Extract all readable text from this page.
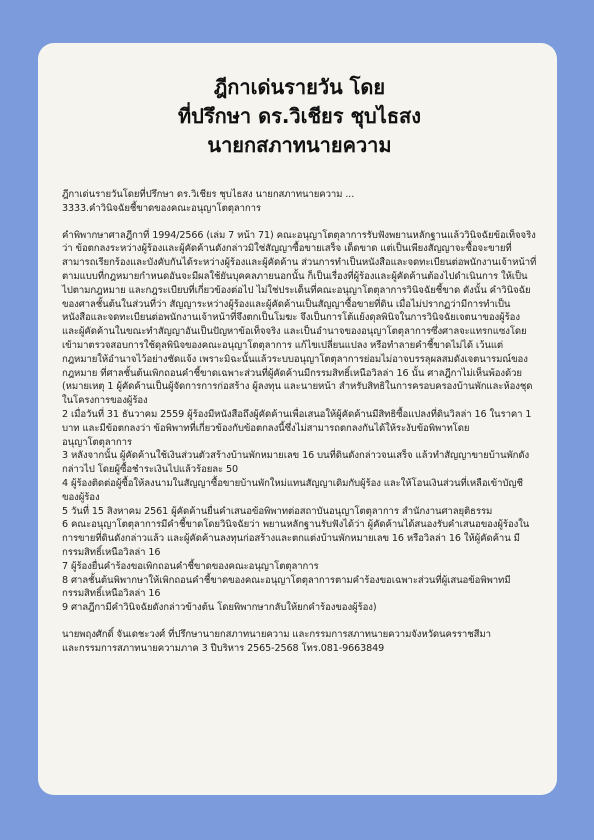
ฎีกาเด่นรายวัน โดย
ที่ปรึกษา ดร.วิเชียร ชุบไธสง
นายกสภาทนายความ

ฎีกาเด่นรายวันโดยที่ปรึกษา ดร.วิเชียร ชุบไธสง นายกสภาทนายความ ...

3333.คำวินิจฉัยชี้ขาดของคณะอนุญาโตตุลาการ

คำพิพากษาศาลฎีกาที่ 1994/2566 (เล่ม 7 หน้า 71) คณะอนุญาโตตุลาการรับฟังพยานหลักฐานแล้ววินิจฉัยข้อเท็จจริงว่า ข้อตกลงระหว่างผู้ร้องและผู้คัดค้านดังกล่าวมิใช่สัญญาซื้อขายเสร็จ เด็ดขาด แต่เป็นเพียงสัญญาจะซื้อจะขายที่สามารถเรียกร้องและบังคับกันได้ระหว่างผู้ร้องและผู้คัดค้าน ส่วนการทำเป็นหนังสือและจดทะเบียนต่อพนักงานเจ้าหน้าที่ตามแบบที่กฎหมายกำหนดอันจะมีผลใช้ยันบุคคลภายนอกนั้น ก็เป็นเรื่องที่ผู้ร้องและผู้คัดค้านต้องไปดำเนินการ ให้เป็นไปตามกฎหมาย และกฎระเบียบที่เกี่ยวข้องต่อไป ไม่ใช่ประเด็นที่คณะอนุญาโตตุลาการวินิจฉัยชี้ขาด ดังนั้น คำวินิจฉัยของศาลชั้นต้นในส่วนที่ว่า สัญญาระหว่างผู้ร้องและผู้คัดค้านเป็นสัญญาซื้อขายที่ดิน เมื่อไม่ปรากฏว่ามีการทำเป็นหนังสือและจดทะเบียนต่อพนักงานเจ้าหน้าที่จึงตกเป็นโมฆะ จึงเป็นการโต้แย้งดุลพินิจในการวินิจฉัยเจตนาของผู้ร้อง และผู้คัดค้านในขณะทำสัญญาอันเป็นปัญหาข้อเท็จจริง และเป็นอำนาจของอนุญาโตตุลาการซึ่งศาลจะแทรกแซงโดยเข้ามาตรวจสอบการใช้ดุลพินิจของคณะอนุญาโตตุลาการ แก้ไขเปลี่ยนแปลง หรือทำลายคำชี้ขาดไม่ได้ เว้นแต่กฎหมายให้อำนาจไว้อย่างชัดแจ้ง เพราะมิฉะนั้นแล้วระบบอนุญาโตตุลาการย่อมไม่อาจบรรลุผลสมดังเจตนารมณ์ของกฎหมาย ที่ศาลชั้นต้นเพิกถอนคำชี้ขาดเฉพาะส่วนที่ผู้คัดค้านมีกรรมสิทธิ์เหนือวิลล่า 16 นั้น ศาลฎีกาไม่เห็นพ้องด้วย

(หมายเหตุ 1 ผู้คัดค้านเป็นผู้จัดการการก่อสร้าง ผู้ลงทุน และนายหน้า สำหรับสิทธิในการครอบครองบ้านพักและห้องชุดในโครงการของผู้ร้อง

2 เมื่อวันที่ 31 ธันวาคม 2559 ผู้ร้องมีหนังสือถึงผู้คัดค้านเพื่อเสนอให้ผู้คัดค้านมีสิทธิซื้อแปลงที่ดินวิลล่า 16 ในราคา 1 บาท และมีข้อตกลงว่า ข้อพิพาทที่เกี่ยวข้องกับข้อตกลงนี้ซึ่งไม่สามารถตกลงกันได้ให้ระงับข้อพิพาทโดยอนุญาโตตุลาการ

3 หลังจากนั้น ผู้คัดค้านใช้เงินส่วนตัวสร้างบ้านพักหมายเลข 16 บนที่ดินดังกล่าวจนเสร็จ แล้วทำสัญญาขายบ้านพักดังกล่าวไป โดยผู้ซื้อชำระเงินไปแล้วร้อยละ 50

4 ผู้ร้องติดต่อผู้ซื้อให้ลงนามในสัญญาซื้อขายบ้านพักใหม่แทนสัญญาเดิมกับผู้ร้อง และให้โอนเงินส่วนที่เหลือเข้าบัญชีของผู้ร้อง

5 วันที่ 15 สิงหาคม 2561 ผู้คัดค้านยื่นคำเสนอข้อพิพาทต่อสถาบันอนุญาโตตุลาการ สำนักงานศาลยุติธรรม

6 คณะอนุญาโตตุลาการมีคำชี้ขาดโดยวินิจฉัยว่า พยานหลักฐานรับฟังได้ว่า ผู้คัดค้านได้สนองรับคำเสนอของผู้ร้องในการขายที่ดินดังกล่าวแล้ว และผู้คัดค้านลงทุนก่อสร้างและตกแต่งบ้านพักหมายเลข 16 หรือวิลล่า 16 ให้ผู้คัดค้าน มีกรรมสิทธิ์เหนือวิลล่า 16

7 ผู้ร้องยื่นคำร้องขอเพิกถอนคำชี้ขาดของคณะอนุญาโตตุลาการ

8 ศาลชั้นต้นพิพากษาให้เพิกถอนคำชี้ขาดของคณะอนุญาโตตุลาการตามคำร้องขอเฉพาะส่วนที่ผู้เสนอข้อพิพาทมีกรรมสิทธิ์เหนือวิลล่า 16

9 ศาลฎีกามีคำวินิจฉัยดังกล่าวข้างต้น โดยพิพากษากลับให้ยกคำร้องของผู้ร้อง)

นายพฤงศักดิ์ จันเดชะวงศ์ ที่ปรึกษานายกสภาทนายความ และกรรมการสภาทนายความจังหวัดนครราชสีมา

และกรรมการสภาทนายความภาค 3 ปีบริหาร 2565-2568 โทร.081-9663849
